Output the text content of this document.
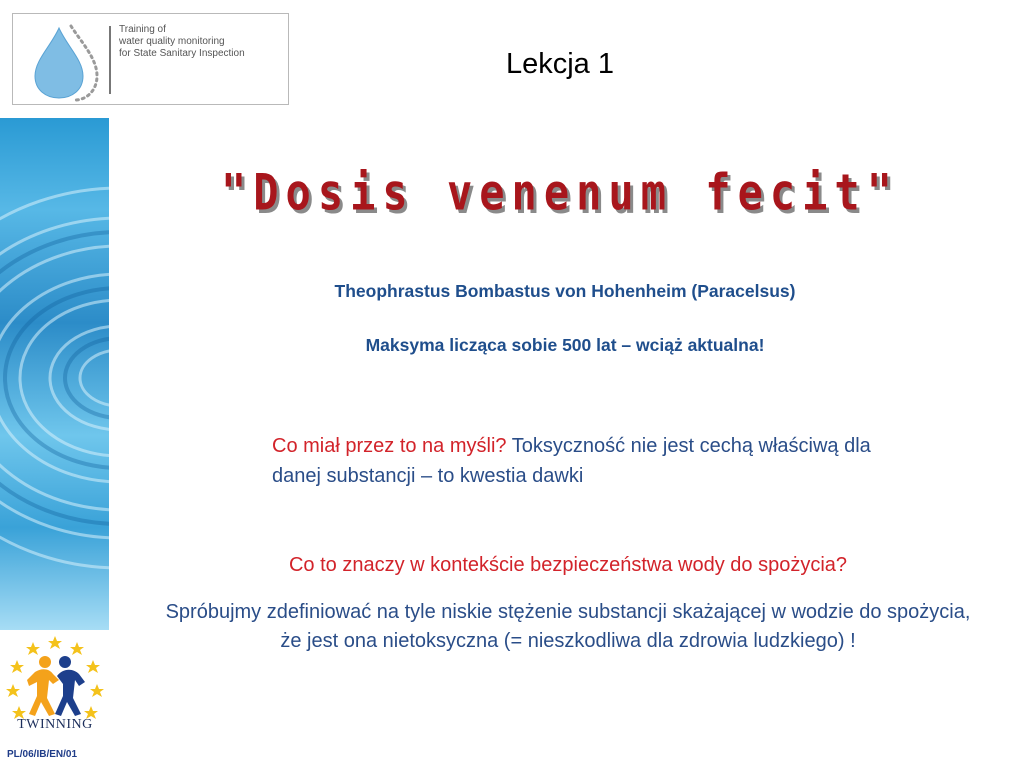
Training of
water quality monitoring
for State Sanitary Inspection	Lekcja 1
"Dosis venenum fecit"
Theophrastus Bombastus von Hohenheim (Paracelsus)
Maksyma licząca sobie 500 lat – wciąż aktualna!
Co miał przez to na myśli? Toksyczność nie jest cechą właściwą dla danej substancji – to kwestia dawki
Co to znaczy w kontekście bezpieczeństwa wody do spożycia?
Spróbujmy zdefiniować na tyle niskie stężenie substancji skażającej w wodzie do spożycia, że jest ona nietoksyczna (= nieszkodliwa dla zdrowia ludzkiego) !
TWINNING
PL/06/IB/EN/01
